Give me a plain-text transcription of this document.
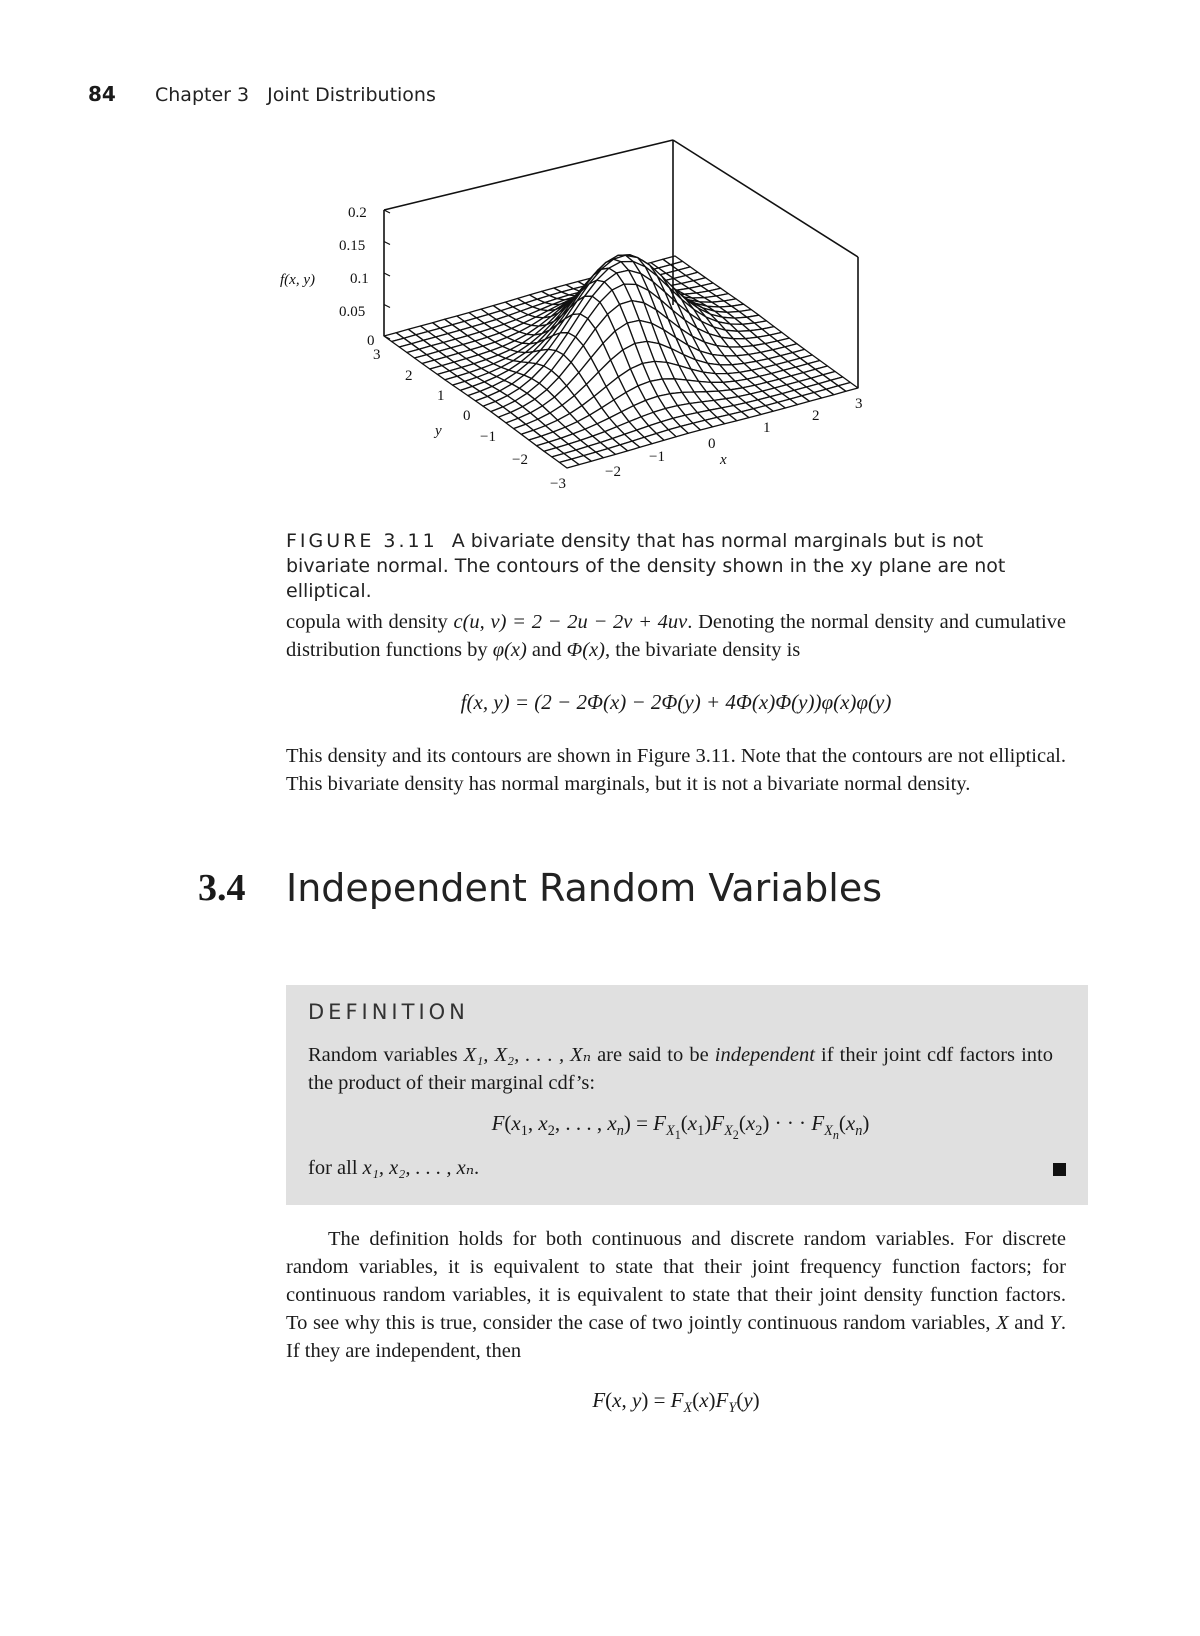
84 Chapter 3 Joint Distributions
0.2
0.15
0.1
0.05
0
f(x, y)
3
2
1
0
−1
−2
−3
y
−2
−1
0
1
2
3
x
FIGURE 3.11 A bivariate density that has normal marginals but is not bivariate normal. The contours of the density shown in the xy plane are not elliptical.
copula with density c(u, v) = 2 − 2u − 2v + 4uv. Denoting the normal density and cumulative distribution functions by φ(x) and Φ(x), the bivariate density is
f(x, y) = (2 − 2Φ(x) − 2Φ(y) + 4Φ(x)Φ(y))φ(x)φ(y)
This density and its contours are shown in Figure 3.11. Note that the contours are not elliptical. This bivariate density has normal marginals, but it is not a bivariate normal density.
3.4 Independent Random Variables
DEFINITION
Random variables X₁, X₂, . . . , Xₙ are said to be independent if their joint cdf factors into the product of their marginal cdf’s:
$F(x_1$, $x_2$, . . . , $x_n) = F_{X_1}(x_1)F_{X_2}(x_2)$ · · · $F_{X_n}(x_n)$
for all x₁, x₂, . . . , xₙ.
The definition holds for both continuous and discrete random variables. For discrete random variables, it is equivalent to state that their joint frequency function factors; for continuous random variables, it is equivalent to state that their joint density function factors. To see why this is true, consider the case of two jointly continuous random variables, X and Y. If they are independent, then
F(x, $y) = F_X(x)F_Y(y)$
